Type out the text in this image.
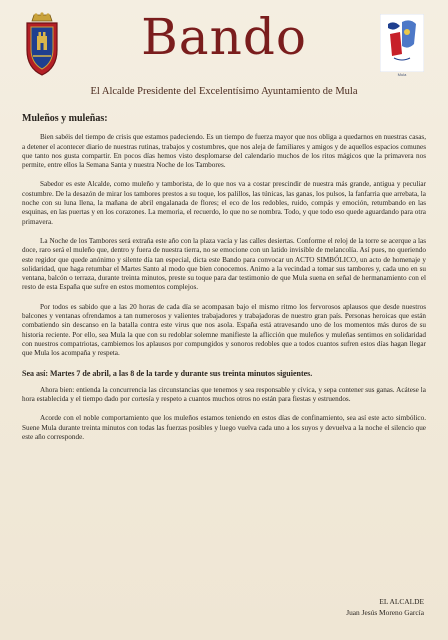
Bando
Mula
El Alcalde Presidente del Excelentísimo Ayuntamiento de Mula

Muleños y muleñas:

Bien sabéis del tiempo de crisis que estamos padeciendo. Es un tiempo de fuerza mayor que nos obliga a quedarnos en nuestras casas, a detener el acontecer diario de nuestras rutinas, trabajos y costumbres, que nos aleja de familiares y amigos y de aquellos espacios comunes que tanto nos gusta compartir. En pocos días hemos visto desplomarse del calendario muchos de los ritos mágicos que la primavera nos permite, entre ellos la Semana Santa y nuestra Noche de los Tambores.

Sabedor es este Alcalde, como muleño y tamborista, de lo que nos va a costar prescindir de nuestra más grande, antigua y peculiar costumbre. De la desazón de mirar los tambores prestos a su toque, los palillos, las túnicas, las ganas, los pulsos, la fanfarria que arrebata, la noche con su luna llena, la mañana de abril engalanada de flores; el eco de los redobles, ruido, compás y emoción, retumbando en las esquinas, en las puertas y en los corazones. La memoria, el recuerdo, lo que no se nombra. Todo, y que todo eso quede aguardando para otra primavera.

La Noche de los Tambores será extraña este año con la plaza vacía y las calles desiertas. Conforme el reloj de la torre se acerque a las doce, raro será el muleño que, dentro y fuera de nuestra tierra, no se emocione con un latido invisible de melancolía. Así pues, no queriendo este regidor que quede anónimo y silente día tan especial, dicta este Bando para convocar un ACTO SIMBÓLICO, un acto de homenaje y solidaridad, que haga retumbar el Martes Santo al modo que bien conocemos. Animo a la vecindad a tomar sus tambores y, cada uno en su ventana, balcón o terraza, durante treinta minutos, preste su toque para dar testimonio de que Mula suena en señal de hermanamiento con el resto de esta España que sufre en estos momentos complejos.

Por todos es sabido que a las 20 horas de cada día se acompasan bajo el mismo ritmo los fervorosos aplausos que desde nuestros balcones y ventanas ofrendamos a tan numerosos y valientes trabajadores y trabajadoras de nuestro gran país. Personas heroicas que están combatiendo sin descanso en la batalla contra este virus que nos asola. España está atravesando uno de los momentos más duros de su historia reciente. Por ello, sea Mula la que con su redoblar solemne manifieste la aflicción que muleños y muleñas sentimos en solidaridad con nuestros compatriotas, cambiemos los aplausos por compungidos y sonoros redobles que a todos cuantos sufren estos días hagan llegar que Mula los acompaña y respeta.

Sea así: Martes 7 de abril, a las 8 de la tarde y durante sus treinta minutos siguientes.

Ahora bien: entienda la concurrencia las circunstancias que tenemos y sea responsable y cívica, y sepa contener sus ganas. Acátese la hora establecida y el tiempo dado por cortesía y respeto a cuantos muchos otros no están para fiestas y estruendos.

Acorde con el noble comportamiento que los muleños estamos teniendo en estos días de confinamiento, sea así este acto simbólico. Suene Mula durante treinta minutos con todas las fuerzas posibles y luego vuelva cada uno a los suyos y devuelva a la noche el silencio que este año corresponde.

EL ALCALDE
Juan Jesús Moreno García
